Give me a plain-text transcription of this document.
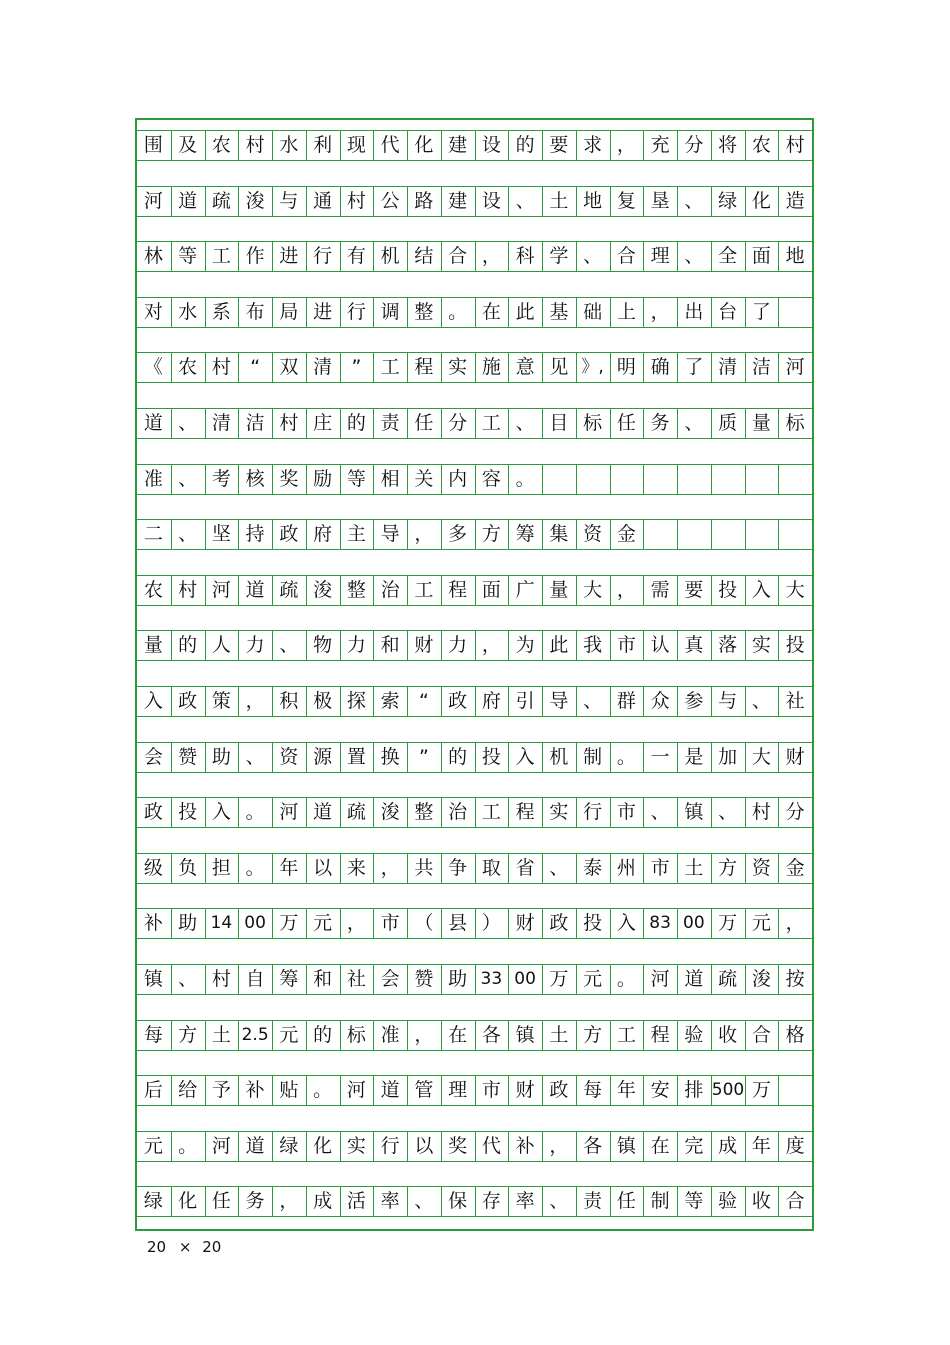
围 及 农 村 水 利 现 代 化 建 设 的 要 求 ， 充 分 将 农 村
河 道 疏 浚 与 通 村 公 路 建 设 、 土 地 复 垦 、 绿 化 造
林 等 工 作 进 行 有 机 结 合 ， 科 学 、 合 理 、 全 面 地
对 水 系 布 局 进 行 调 整 。 在 此 基 础 上 ， 出 台 了
《 农 村	“	双 清	”	工 程 实 施 意 见 》, 明 确 了 清 洁 河
道 、 清 洁 村 庄 的 责 任 分 工 、 目 标 任 务 、 质 量 标
准 、 考 核 奖 励 等 相 关 内 容 。
二 、 坚 持 政 府 主 导 ， 多 方 筹 集 资 金
农 村 河 道 疏 浚 整 治 工 程 面 广 量 大 ， 需 要 投 入 大
量 的 人 力 、 物 力 和 财 力 ， 为 此 我 市 认 真 落 实 投
入 政 策 ， 积 极 探 索	“	政 府 引 导 、 群 众 参 与 、 社
会 赞 助 、 资 源 置 换	”	的 投 入 机 制 。 一 是 加 大 财
政 投 入 。 河 道 疏 浚 整 治 工 程 实 行 市 、 镇 、 村 分
级 负 担 。 年 以 来 ， 共 争 取 省 、 泰 州 市 土 方 资 金
补 助 14 00 万 元 ， 市 （ 县 ） 财 政 投 入 83 00 万 元 ，
镇 、 村 自 筹 和 社 会 赞 助 33 00 万 元 。 河 道 疏 浚 按
每 方 土 2.5 元 的 标 准 ， 在 各 镇 土 方 工 程 验 收 合 格
后 给 予 补 贴 。 河 道 管 理 市 财 政 每 年 安 排 500 万
元 。 河 道 绿 化 实 行 以 奖 代 补 ， 各 镇 在 完 成 年 度
绿 化 任 务 ， 成 活 率 、 保 存 率 、 责 任 制 等 验 收 合
20 × 20
